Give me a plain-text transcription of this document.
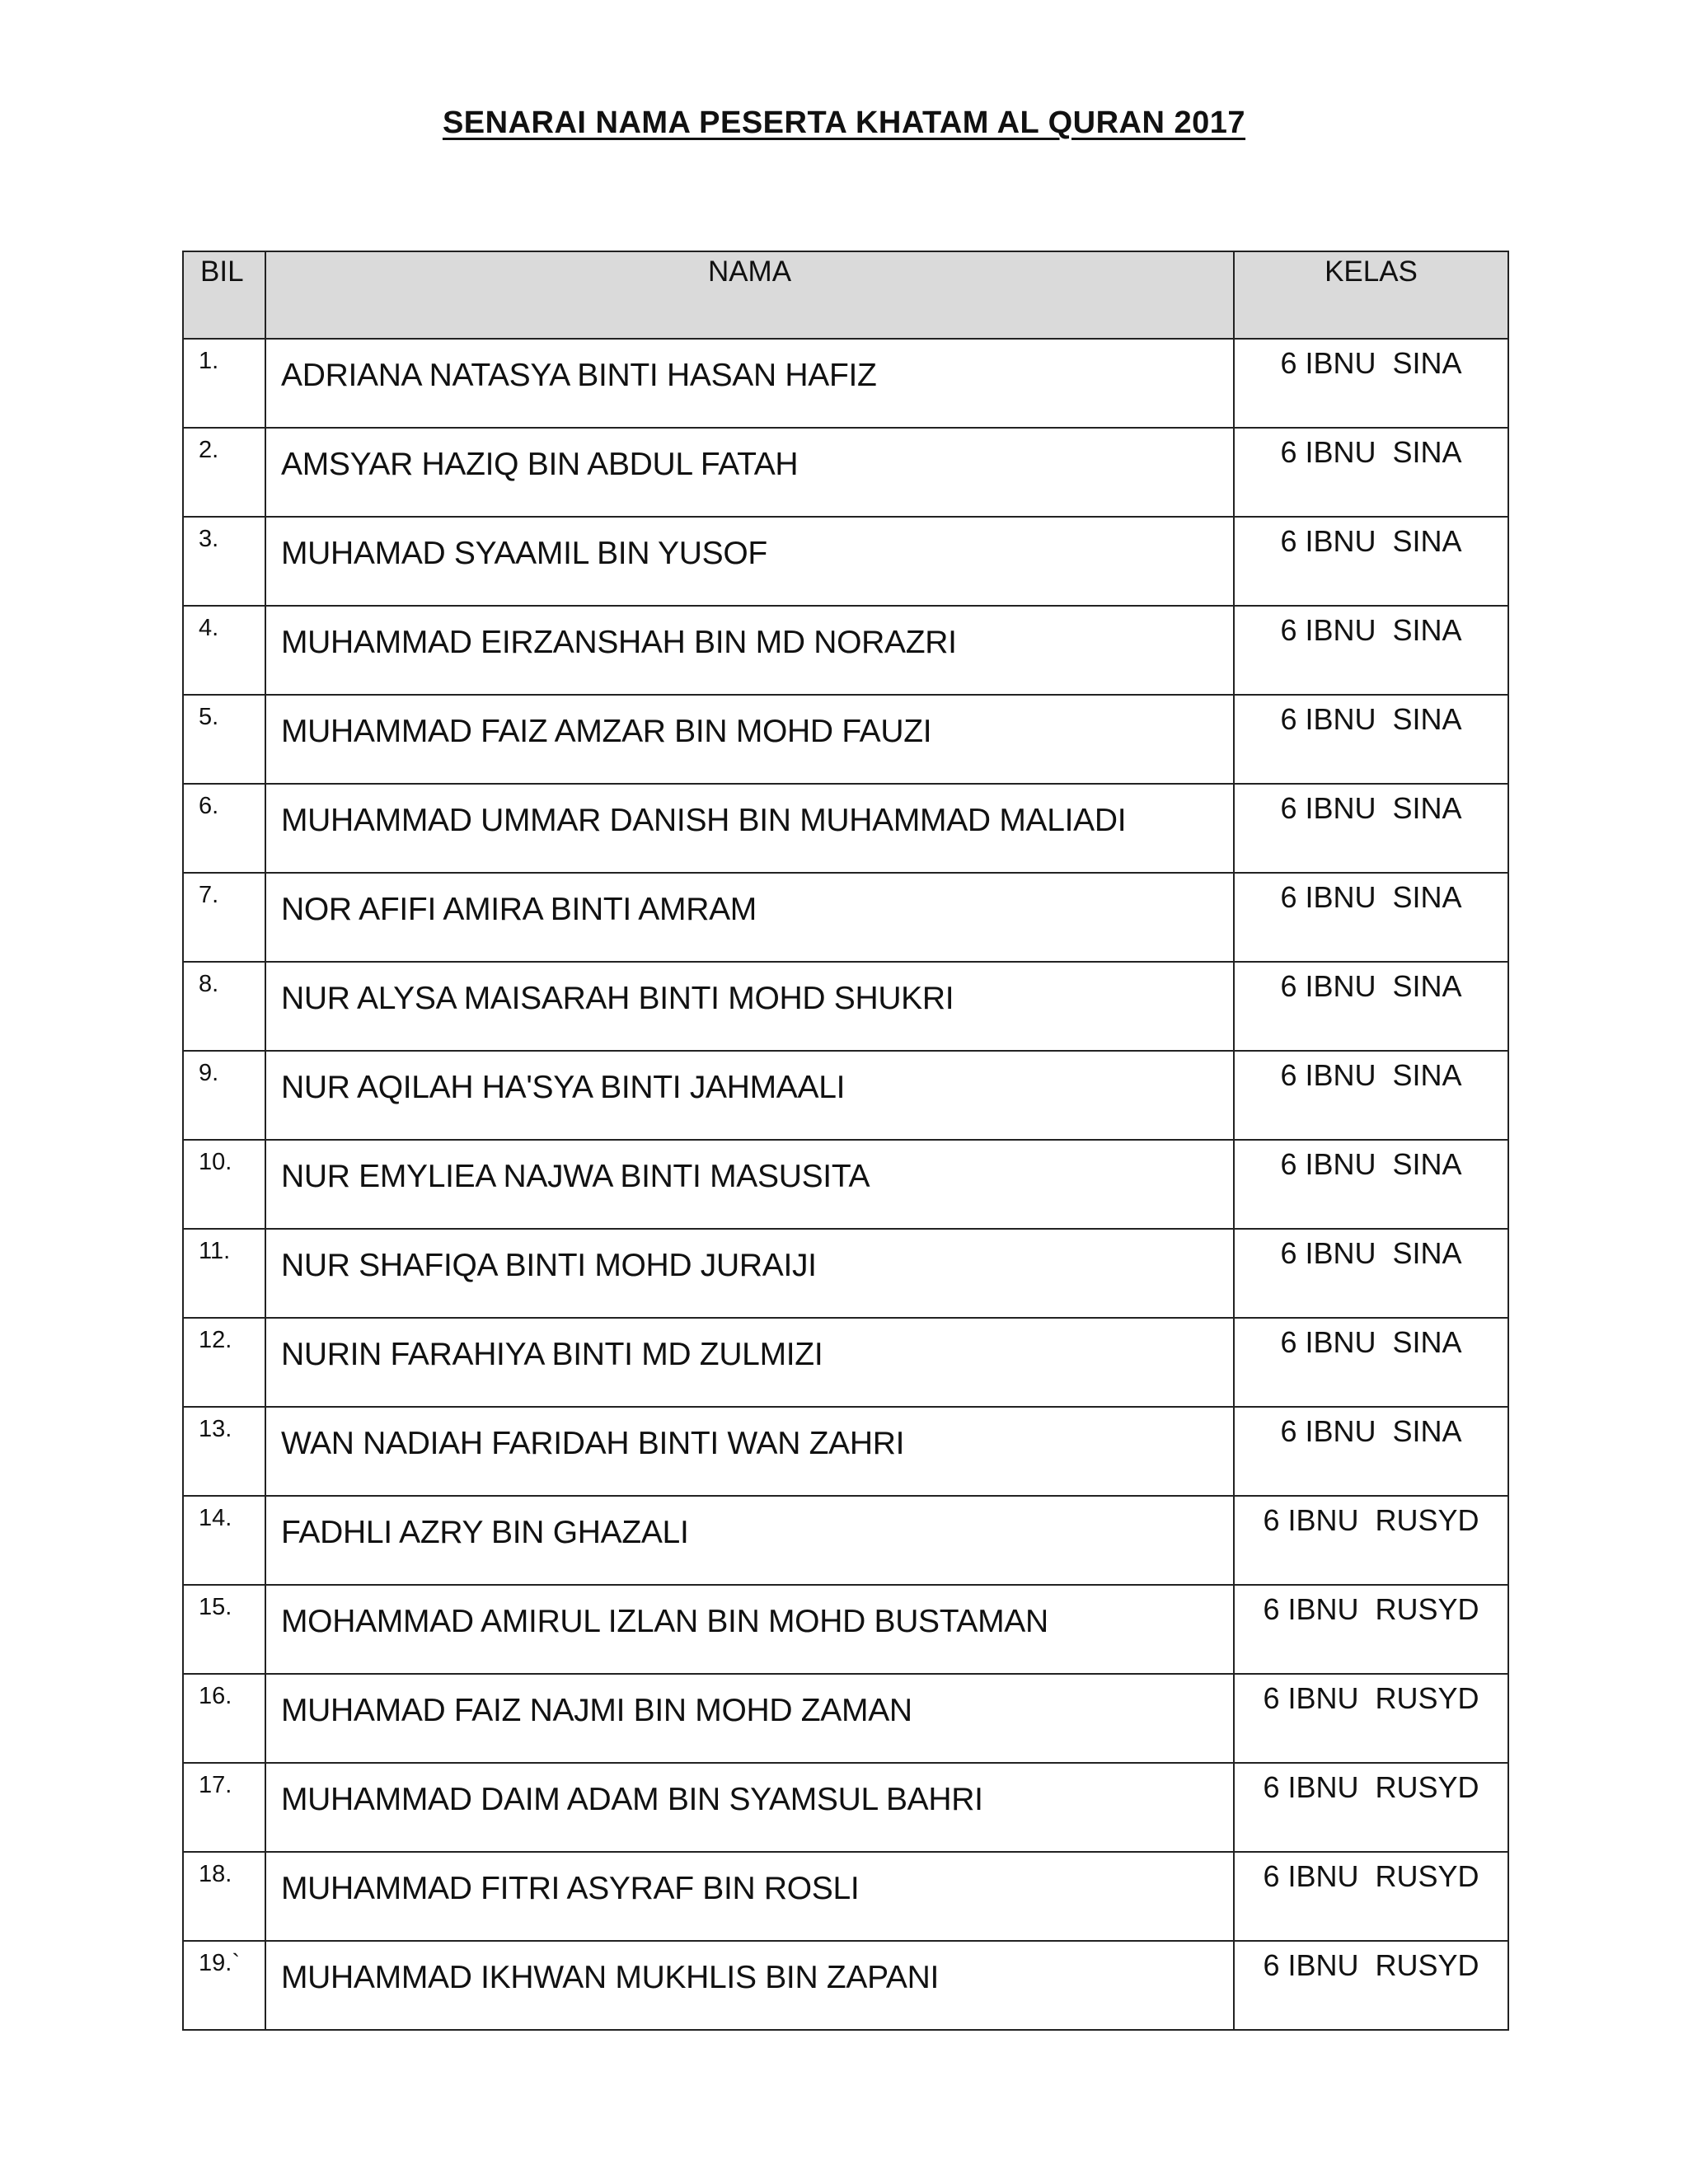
SENARAI NAMA PESERTA KHATAM AL QURAN 2017
BIL	NAMA	KELAS
1.	ADRIANA NATASYA BINTI HASAN HAFIZ	6 IBNU  SINA
2.	AMSYAR HAZIQ BIN ABDUL FATAH	6 IBNU  SINA
3.	MUHAMAD SYAAMIL BIN YUSOF	6 IBNU  SINA
4.	MUHAMMAD EIRZANSHAH BIN MD NORAZRI	6 IBNU  SINA
5.	MUHAMMAD FAIZ AMZAR BIN MOHD FAUZI	6 IBNU  SINA
6.	MUHAMMAD UMMAR DANISH BIN MUHAMMAD MALIADI	6 IBNU  SINA
7.	NOR AFIFI AMIRA BINTI AMRAM	6 IBNU  SINA
8.	NUR ALYSA MAISARAH BINTI MOHD SHUKRI	6 IBNU  SINA
9.	NUR AQILAH HA'SYA BINTI JAHMAALI	6 IBNU  SINA
10.	NUR EMYLIEA NAJWA BINTI MASUSITA	6 IBNU  SINA
11.	NUR SHAFIQA BINTI MOHD JURAIJI	6 IBNU  SINA
12.	NURIN FARAHIYA BINTI MD ZULMIZI	6 IBNU  SINA
13.	WAN NADIAH FARIDAH BINTI WAN ZAHRI	6 IBNU  SINA
14.	FADHLI AZRY BIN GHAZALI	6 IBNU  RUSYD
15.	MOHAMMAD AMIRUL IZLAN BIN MOHD BUSTAMAN	6 IBNU  RUSYD
16.	MUHAMAD FAIZ NAJMI BIN MOHD ZAMAN	6 IBNU  RUSYD
17.	MUHAMMAD DAIM ADAM BIN SYAMSUL BAHRI	6 IBNU  RUSYD
18.	MUHAMMAD FITRI ASYRAF BIN ROSLI	6 IBNU  RUSYD
19.`	MUHAMMAD IKHWAN MUKHLIS BIN ZAPANI	6 IBNU  RUSYD
